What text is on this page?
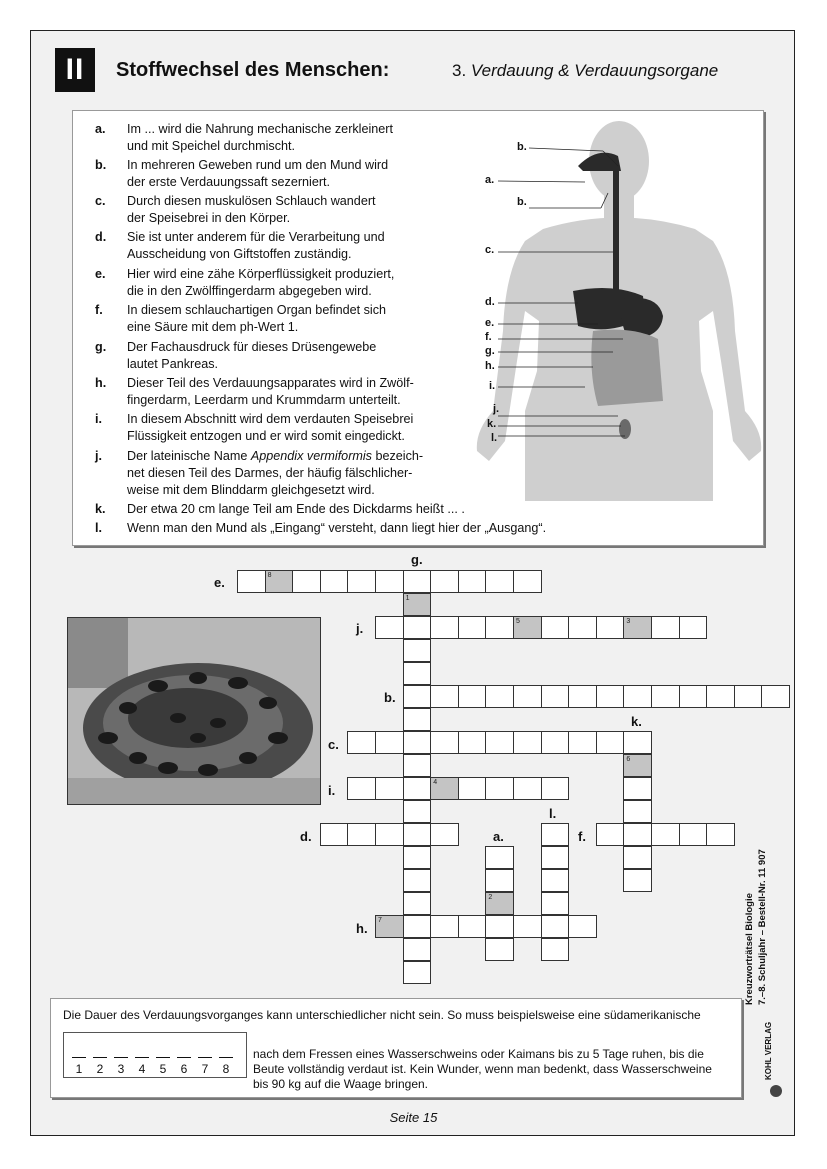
II	Stoffwechsel des Menschen:	3. Verdauung & Verdauungsorgane
a.	Im ... wird die Nahrung mechanische zerkleinert
und mit Speichel durchmischt.
b.	In mehreren Geweben rund um den Mund wird
der erste Verdauungssaft sezerniert.
c.	Durch diesen muskulösen Schlauch wandert
der Speisebrei in den Körper.
d.	Sie ist unter anderem für die Verarbeitung und
Ausscheidung von Giftstoffen zuständig.
e.	Hier wird eine zähe Körperflüssigkeit produziert,
die in den Zwölffingerdarm abgegeben wird.
f.	In diesem schlauchartigen Organ befindet sich
eine Säure mit dem ph-Wert 1.
g.	Der Fachausdruck für dieses Drüsengewebe
lautet Pankreas.
h.	Dieser Teil des Verdauungsapparates wird in Zwölf-
fingerdarm, Leerdarm und Krummdarm unterteilt.
i.	In diesem Abschnitt wird dem verdauten Speisebrei
Flüssigkeit entzogen und er wird somit eingedickt.
j.	Der lateinische Name Appendix vermiformis bezeich-
net diesen Teil des Darmes, der häufig fälschlicher-
weise mit dem Blinddarm gleichgesetzt wird.
k.	Der etwa 20 cm lange Teil am Ende des Dickdarms heißt ... .
l.	Wenn man den Mund als „Eingang“ versteht, dann liegt hier der „Ausgang“.
b.
a.
b.
c.
d.
e.
f.
g.
h.
i.
j.
k.
l.
8
1
5	3
6
4
2
7
e.
g.
j.
b.
k.
c.
i.
l.
d.	a.	f.
h.
Die Dauer des Verdauungsvorganges kann unterschiedlicher nicht sein. So muss beispielsweise eine südamerikanische
1	2	3	4	5	6	7	8
nach dem Fressen eines Wasserschweins oder Kaimans bis zu 5 Tage ruhen, bis die
Beute vollständig verdaut ist. Kein Wunder, wenn man bedenkt, dass Wasserschweine
bis 90 kg auf die Waage bringen.
Seite 15
Kreuzworträtsel Biologie 7.–8. Schuljahr – Bestell-Nr. 11 907
KOHL VERLAG
